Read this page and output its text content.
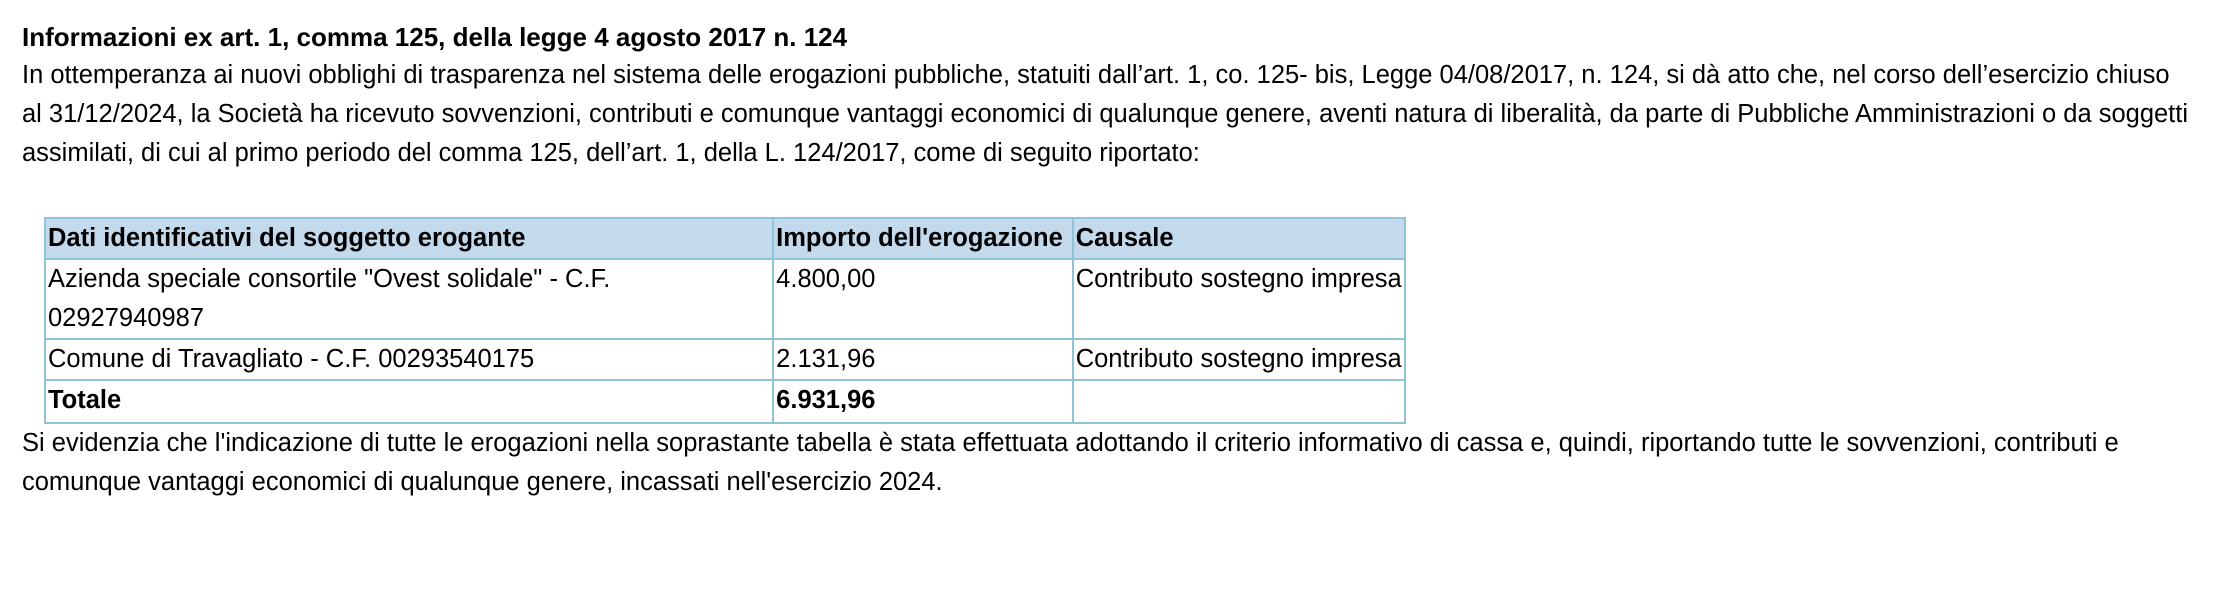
Informazioni ex art. 1, comma 125, della legge 4 agosto 2017 n. 124

In ottemperanza ai nuovi obblighi di trasparenza nel sistema delle erogazioni pubbliche, statuiti dall’art. 1, co. 125- bis, Legge 04/08/2017, n. 124, si dà atto che, nel corso dell’esercizio chiuso al 31/12/2024, la Società ha ricevuto sovvenzioni, contributi e comunque vantaggi economici di qualunque genere, aventi natura di liberalità, da parte di Pubbliche Amministrazioni o da soggetti assimilati, di cui al primo periodo del comma 125, dell’art. 1, della L. 124/2017, come di seguito riportato:

Dati identificativi del soggetto erogante	Importo dell'erogazione	Causale
Azienda speciale consortile "Ovest solidale" - C.F. 02927940987	4.800,00	Contributo sostegno impresa
Comune di Travagliato - C.F. 00293540175	2.131,96	Contributo sostegno impresa
Totale	6.931,96	

Si evidenzia che l'indicazione di tutte le erogazioni nella soprastante tabella è stata effettuata adottando il criterio informativo di cassa e, quindi, riportando tutte le sovvenzioni, contributi e comunque vantaggi economici di qualunque genere, incassati nell'esercizio 2024.
